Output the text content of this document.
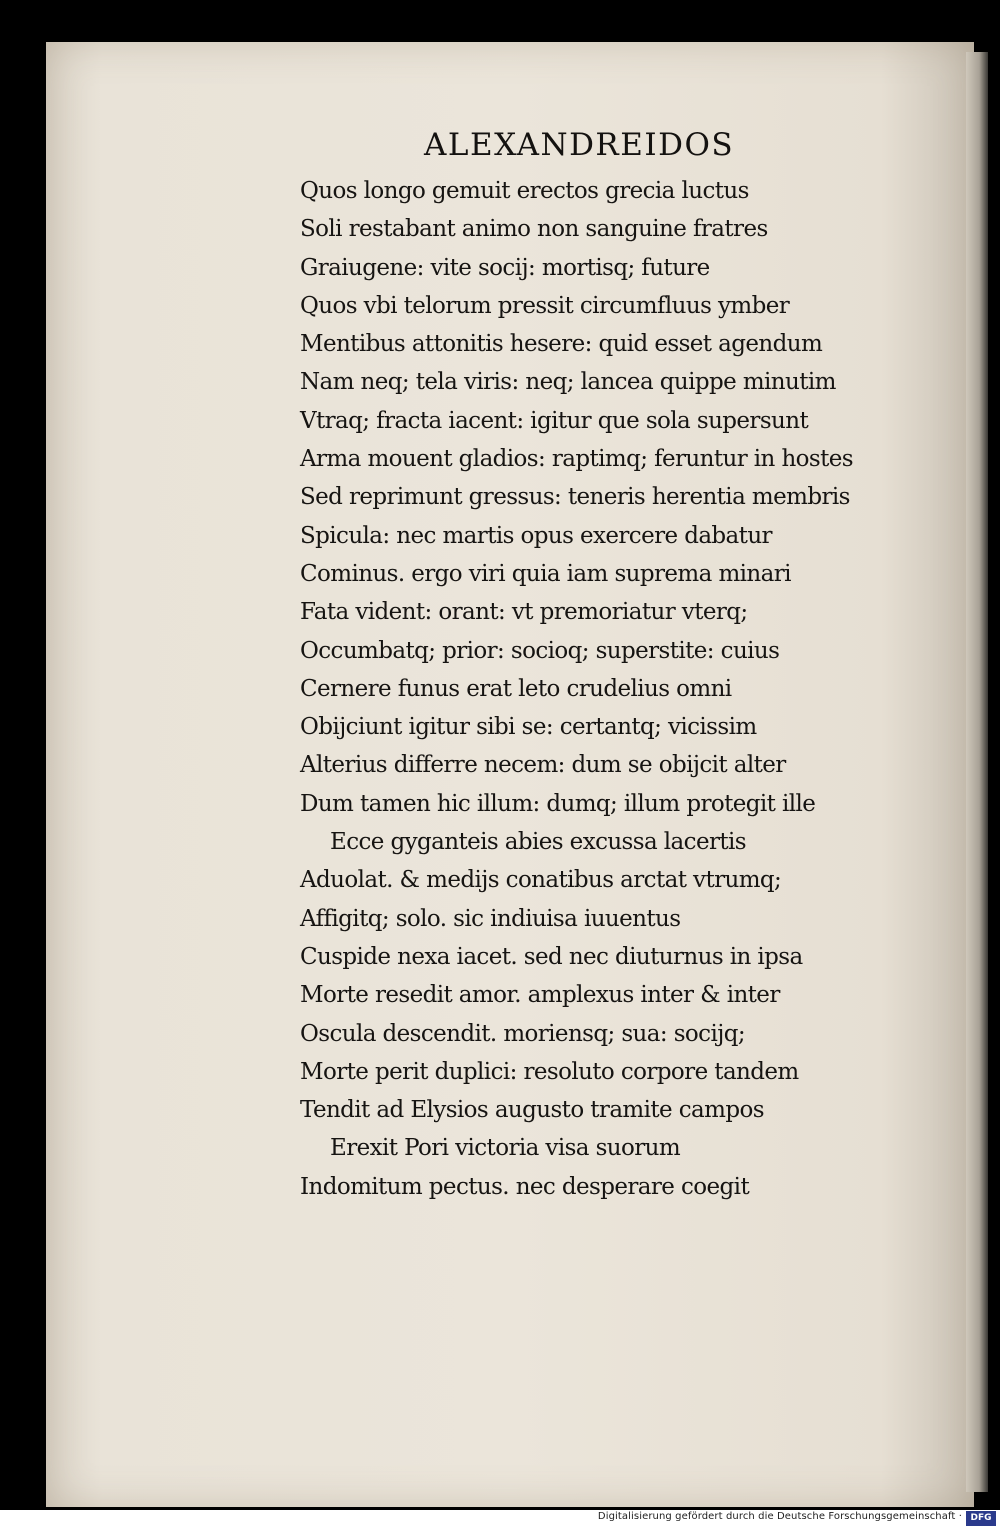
ALEXANDREIDOS
Quos longo gemuit erectos grecia luctus
Soli restabant animo non sanguine fratres
Graiugene: vite socij: mortisq; future
Quos vbi telorum pressit circumfluus ymber
Mentibus attonitis hesere: quid esset agendum
Nam neq; tela viris: neq; lancea quippe minutim
Vtraq; fracta iacent: igitur que sola supersunt
Arma mouent gladios: raptimq; feruntur in hostes
Sed reprimunt gressus: teneris herentia membris
Spicula: nec martis opus exercere dabatur
Cominus. ergo viri quia iam suprema minari
Fata vident: orant: vt premoriatur vterq;
Occumbatq; prior: socioq; superstite: cuius
Cernere funus erat leto crudelius omni
Obijciunt igitur sibi se: certantq; vicissim
Alterius differre necem: dum se obijcit alter
Dum tamen hic illum: dumq; illum protegit ille
Ecce gyganteis abies excussa lacertis
Aduolat. & medijs conatibus arctat vtrumq;
Affigitq; solo. sic indiuisa iuuentus
Cuspide nexa iacet. sed nec diuturnus in ipsa
Morte resedit amor. amplexus inter & inter
Oscula descendit. moriensq; sua: socijq;
Morte perit duplici: resoluto corpore tandem
Tendit ad Elysios augusto tramite campos
Erexit Pori victoria visa suorum
Indomitum pectus. nec desperare coegit
Digitalisierung gefördert durch die Deutsche Forschungsgemeinschaft · DFG
